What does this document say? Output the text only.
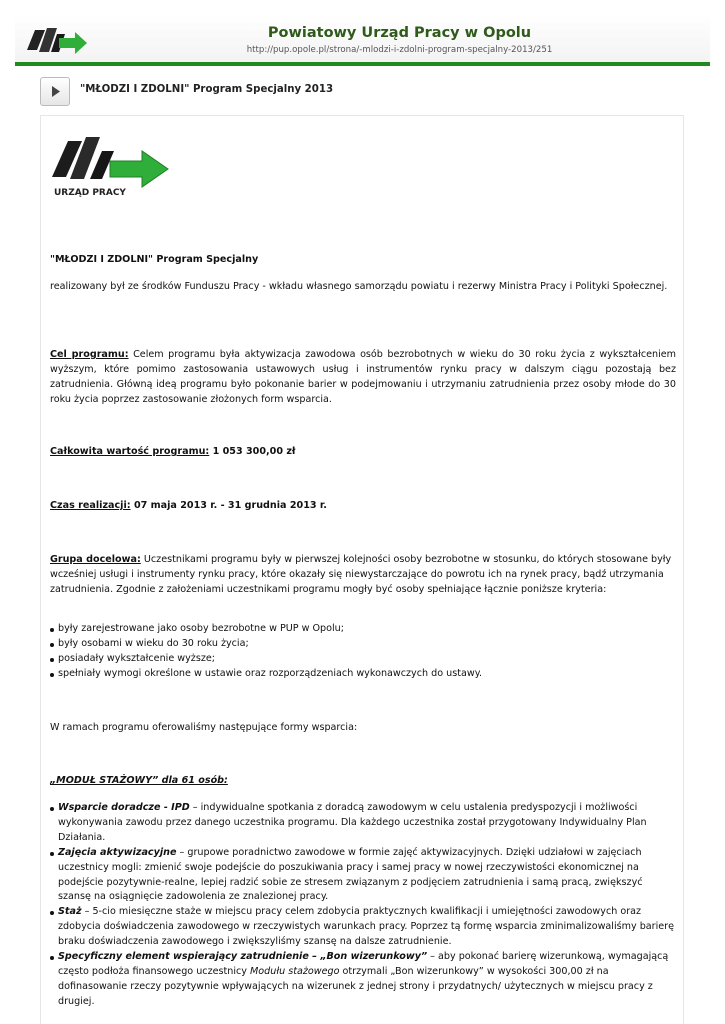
Powiatowy Urząd Pracy w Opolu
http://pup.opole.pl/strona/-mlodzi-i-zdolni-program-specjalny-2013/251
"MŁODZI I ZDOLNI" Program Specjalny 2013
URZĄD PRACY
"MŁODZI I ZDOLNI" Program Specjalny
realizowany był ze środków Funduszu Pracy - wkładu własnego samorządu powiatu i rezerwy Ministra Pracy i Polityki Społecznej.
Cel programu: Celem programu była aktywizacja zawodowa osób bezrobotnych w wieku do 30 roku życia z wykształceniem wyższym, które pomimo zastosowania ustawowych usług i instrumentów rynku pracy w dalszym ciągu pozostają bez zatrudnienia. Główną ideą programu było pokonanie barier w podejmowaniu i utrzymaniu zatrudnienia przez osoby młode do 30 roku życia poprzez zastosowanie złożonych form wsparcia.
Całkowita wartość programu: 1 053 300,00 zł
Czas realizacji: 07 maja 2013 r. - 31 grudnia 2013 r.
Grupa docelowa: Uczestnikami programu były w pierwszej kolejności osoby bezrobotne w stosunku, do których stosowane były wcześniej usługi i instrumenty rynku pracy, które okazały się niewystarczające do powrotu ich na rynek pracy, bądź utrzymania zatrudnienia. Zgodnie z założeniami uczestnikami programu mogły być osoby spełniające łącznie poniższe kryteria:
były zarejestrowane jako osoby bezrobotne w PUP w Opolu;
były osobami w wieku do 30 roku życia;
posiadały wykształcenie wyższe;
spełniały wymogi określone w ustawie oraz rozporządzeniach wykonawczych do ustawy.
W ramach programu oferowaliśmy następujące formy wsparcia:
„MODUŁ STAŻOWY” dla 61 osób:
Wsparcie doradcze - IPD – indywidualne spotkania z doradcą zawodowym w celu ustalenia predyspozycji i możliwości wykonywania zawodu przez danego uczestnika programu. Dla każdego uczestnika został przygotowany Indywidualny Plan Działania.
Zajęcia aktywizacyjne – grupowe poradnictwo zawodowe w formie zajęć aktywizacyjnych. Dzięki udziałowi w zajęciach uczestnicy mogli: zmienić swoje podejście do poszukiwania pracy i samej pracy w nowej rzeczywistości ekonomicznej na podejście pozytywnie-realne, lepiej radzić sobie ze stresem związanym z podjęciem zatrudnienia i samą pracą, zwiększyć szansę na osiągnięcie zadowolenia ze znalezionej pracy.
Staż – 5-cio miesięczne staże w miejscu pracy celem zdobycia praktycznych kwalifikacji i umiejętności zawodowych oraz zdobycia doświadczenia zawodowego w rzeczywistych warunkach pracy. Poprzez tą formę wsparcia zminimalizowaliśmy barierę braku doświadczenia zawodowego i zwiększyliśmy szansę na dalsze zatrudnienie.
Specyficzny element wspierający zatrudnienie – „Bon wizerunkowy” – aby pokonać barierę wizerunkową, wymagającą często podłoża finansowego uczestnicy Modułu stażowego otrzymali „Bon wizerunkowy” w wysokości 300,00 zł na dofinasowanie rzeczy pozytywnie wpływających na wizerunek z jednej strony i przydatnych/ użytecznych w miejscu pracy z drugiej.
